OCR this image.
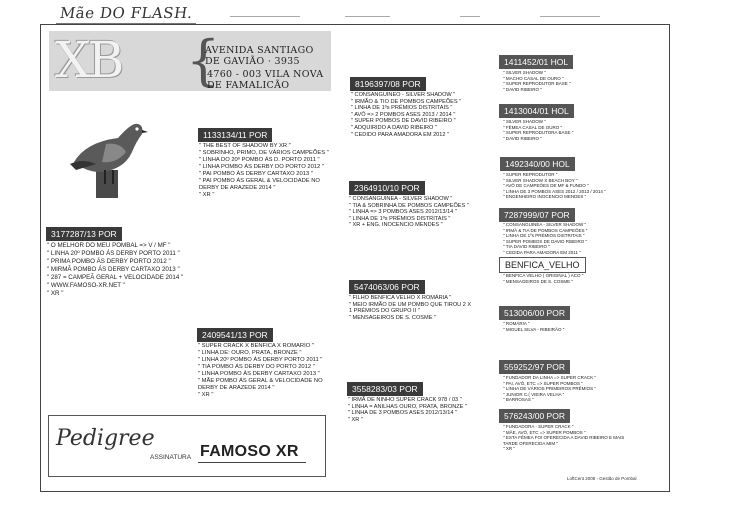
Mãe DO FLASH.
XB {
AVENIDA SANTIAGO DE GAVIÃO · 3935
4760 - 003 VILA NOVA DE FAMALICÃO
3177287/13 POR
" O MELHOR DO MEU POMBAL => V / MF "
" LINHA 20º POMBO ÁS DERBY PORTO 2011 "
" PRIMA POMBO ÁS DERBY PORTO 2012 "
" MIRMÃ POMBO ÁS DERBY CARTAXO 2013 "
" 287 = CAMPEÃ GERAL + VELOCIDADE 2014 "
" WWW.FAMOSO-XR.NET "
" XR "
1133134/11 POR
" THE BEST OF SHADOW BY XR "
" SOBRINHO, PRIMO, DE VÁRIOS CAMPEÕES "
" LINHA DO 20º POMBO ÁS D. PORTO 2011 "
" LINHA POMBO ÁS DERBY DO PORTO 2012 "
" PAI POMBO ÁS DERBY CARTAXO 2013 "
" PAI POMBO ÁS GERAL & VELOCIDADE NO
DERBY DE ARAZEDE 2014 "
" XR "
2409541/13 POR
" SUPER CRACK X BENFICA X ROMARIO "
" LINHA DE: OURO, PRATA, BRONZE "
" LINHA 20º POMBO ÁS DERBY PORTO 2011 "
" TIA POMBO ÁS DERBY DO PORTO 2012 "
" LINHA POMBO ÁS DERBY CARTAXO 2013 "
" MÃE POMBO ÁS GERAL & VELOCIDADE NO
DERBY DE ARAZEDE 2014 "
" XR "
8196397/08 POR
" CONSANGUINEO - SILVER SHADOW "
" IRMÃO & TIO DE POMBOS CAMPEÕES "
" LINHA DE 1ºs PRÉMIOS DISTRITAIS "
" AVÔ => 2 POMBOS ASES 2013 / 2014 "
" SUPER POMBOS DE DAVID RIBEIRO "
" ADQUIRIDO A DAVID RIBEIRO "
" CEDIDO PARA AMADORA EM 2012 "
2364910/10 POR
" CONSANGUINEA - SILVER SHADOW "
" TIA & SOBRINHA DE POMBOS CAMPEÕES "
" LINHA => 3 POMBOS ASES 2012/13/14 "
" LINHA DE 1ºs PRÉMIOS DISTRITAIS "
" XR + ENG. INOCENCIO MENDES "
5474063/06 POR
" FILHO BENFICA VELHO X ROMÁRIA "
" MEIO IRMÃO DE UM POMBO QUE TIROU 2 X
1 PRÉMIOS DO GRUPO II "
" MENSAGEIROS DE S. COSME "
3558283/03 POR
" IRMÃ DE NINHO SUPER CRACK 978 / 03 "
" LINHA = ANILHAS OURO, PRATA, BRONZE "
" LINHA DE 3 POMBOS ASES 2012/13/14 "
" XR "
1411452/01 HOL
" SILVER SHADOW "
" MACHO CASAL DE OURO "
" SUPER REPRODUTOR BASE "
" DAVID RIBEIRO "
1413004/01 HOL
" SILVER SHADOW "
" FÊMEA CASAL DE OURO "
" SUPER REPRODUTORA BASE "
" DAVID RIBEIRO "
1492340/00 HOL
" SUPER REPRODUTOR "
" SILVER SHADOW X BEACH BOY "
" AVÔ DE CAMPEÕES DE MF & FUNDO "
" LINHA DE 3 POMBOS ASES 2012 / 2013 / 2014 "
" ENGENHEIRO INOCENCIO MENDES "
7287999/07 POR
" CONSANGUINEA - SILVER SHADOW "
" IRMÃ & TIA DE POMBOS CAMPEÕES "
" LINHA DE 1ºs PRÉMIOS DISTRITAIS "
" SUPER POMBOS DE DAVID RIBEIRO "
" TIA DAVID RIBEIRO "
" CEDIDA PARA AMADORA EM 2011 "
BENFICA_VELHO
" BENFICA VELHO ( ORIGINAL ) ACO "
" MENSAGEIROS DE S. COSME "
513006/00 POR
" ROMÁRIA "
" MIGUEL SILVA - RIBEIRÃO "
559252/97 POR
" FUNDADOR DA LINHA => SUPER CRACK "
" PAI, AVÔ, ETC => SUPER POMBOS "
" LINHA DE VÁRIOS PRIMEIROS PRÉMIOS "
" JUNIOR C.( VIEIRA VELHA "
" BARROSAS "
576243/00 POR
" FUNDADORA - SUPER CRACK "
" MÃE, AVÓ, ETC => SUPER POMBOS "
" ESTA FÊMEA FOI OFERECIDA A DAVID RIBEIRO E MAIS
TARDE OFERECIDA MIM "
" XR "
Pedigree
ASSINATURA FAMOSO XR
LoftCent 2008 - Gestão de Pombal
